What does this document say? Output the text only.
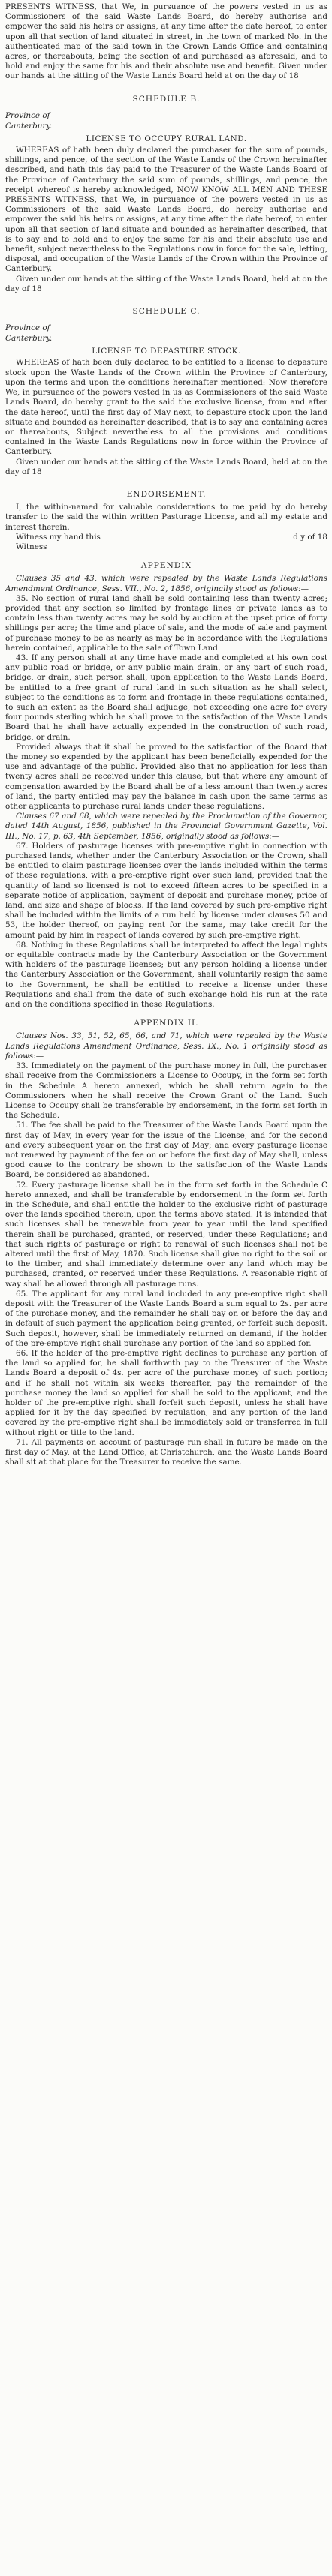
PRESENTS WITNESS, that We, in pursuance of the powers vested in us as Commissioners of the said Waste Lands Board, do hereby authorise and empower the said his heirs or assigns, at any time after the date hereof, to enter upon all that section of land situated in street, in the town of marked No. in the authenticated map of the said town in the Crown Lands Office and containing acres, or thereabouts, being the section of and purchased as aforesaid, and to hold and enjoy the same for his and their absolute use and benefit. Given under our hands at the sitting of the Waste Lands Board held at on the day of 18

SCHEDULE B.

Province of Canterbury.

LICENSE TO OCCUPY RURAL LAND.

WHEREAS of hath been duly declared the purchaser for the sum of pounds, shillings, and pence, of the section of the Waste Lands of the Crown hereinafter described, and hath this day paid to the Treasurer of the Waste Lands Board of the Province of Canterbury the said sum of pounds, shillings, and pence, the receipt whereof is hereby acknowledged, NOW KNOW ALL MEN AND THESE PRESENTS WITNESS, that We, in pursuance of the powers vested in us as Commissioners of the said Waste Lands Board, do hereby authorise and empower the said his heirs or assigns, at any time after the date hereof, to enter upon all that section of land situate and bounded as hereinafter described, that is to say and to hold and to enjoy the same for his and their absolute use and benefit, subject nevertheless to the Regulations now in force for the sale, letting, disposal, and occupation of the Waste Lands of the Crown within the Province of Canterbury.

Given under our hands at the sitting of the Waste Lands Board, held at on the day of 18

SCHEDULE C.

Province of Canterbury.

LICENSE TO DEPASTURE STOCK.

WHEREAS of hath been duly declared to be entitled to a license to depasture stock upon the Waste Lands of the Crown within the Province of Canterbury, upon the terms and upon the conditions hereinafter mentioned: Now therefore We, in pursuance of the powers vested in us as Commissioners of the said Waste Lands Board, do hereby grant to the said the exclusive license, from and after the date hereof, until the first day of May next, to depasture stock upon the land situate and bounded as hereinafter described, that is to say and containing acres or thereabouts, Subject nevertheless to all the provisions and conditions contained in the Waste Lands Regulations now in force within the Province of Canterbury.

Given under our hands at the sitting of the Waste Lands Board, held at on the day of 18

ENDORSEMENT.

I, the within-named for valuable considerations to me paid by do hereby transfer to the said the within written Pasturage License, and all my estate and interest therein.

Witness my hand this	d y of 18

Witness

APPENDIX

Clauses 35 and 43, which were repealed by the Waste Lands Regulations Amendment Ordinance, Sess. VII., No. 2, 1856, originally stood as follows:—

35. No section of rural land shall be sold containing less than twenty acres; provided that any section so limited by frontage lines or private lands as to contain less than twenty acres may be sold by auction at the upset price of forty shillings per acre; the time and place of sale, and the mode of sale and payment of purchase money to be as nearly as may be in accordance with the Regulations herein contained, applicable to the sale of Town Land.

43. If any person shall at any time have made and completed at his own cost any public road or bridge, or any public main drain, or any part of such road, bridge, or drain, such person shall, upon application to the Waste Lands Board, be entitled to a free grant of rural land in such situation as he shall select, subject to the conditions as to form and frontage in these regulations contained, to such an extent as the Board shall adjudge, not exceeding one acre for every four pounds sterling which he shall prove to the satisfaction of the Waste Lands Board that he shall have actually expended in the construction of such road, bridge, or drain.

Provided always that it shall be proved to the satisfaction of the Board that the money so expended by the applicant has been beneficially expended for the use and advantage of the public. Provided also that no application for less than twenty acres shall be received under this clause, but that where any amount of compensation awarded by the Board shall be of a less amount than twenty acres of land, the party entitled may pay the balance in cash upon the same terms as other applicants to purchase rural lands under these regulations.

Clauses 67 and 68, which were repealed by the Proclamation of the Governor, dated 14th August, 1856, published in the Provincial Government Gazette, Vol. III., No. 17, p. 63, 4th September, 1856, originally stood as follows:—

67. Holders of pasturage licenses with pre-emptive right in connection with purchased lands, whether under the Canterbury Association or the Crown, shall be entitled to claim pasturage licenses over the lands included within the terms of these regulations, with a pre-emptive right over such land, provided that the quantity of land so licensed is not to exceed fifteen acres to be specified in a separate notice of application, payment of deposit and purchase money, price of land, and size and shape of blocks. If the land covered by such pre-emptive right shall be included within the limits of a run held by license under clauses 50 and 53, the holder thereof, on paying rent for the same, may take credit for the amount paid by him in respect of lands covered by such pre-emptive right.

68. Nothing in these Regulations shall be interpreted to affect the legal rights or equitable contracts made by the Canterbury Association or the Government with holders of the pasturage licenses; but any person holding a license under the Canterbury Association or the Government, shall voluntarily resign the same to the Government, he shall be entitled to receive a license under these Regulations and shall from the date of such exchange hold his run at the rate and on the conditions specified in these Regulations.

APPENDIX II.

Clauses Nos. 33, 51, 52, 65, 66, and 71, which were repealed by the Waste Lands Regulations Amendment Ordinance, Sess. IX., No. 1 originally stood as follows:—

33. Immediately on the payment of the purchase money in full, the purchaser shall receive from the Commissioners a License to Occupy, in the form set forth in the Schedule A hereto annexed, which he shall return again to the Commissioners when he shall receive the Crown Grant of the Land. Such License to Occupy shall be transferable by endorsement, in the form set forth in the Schedule.

51. The fee shall be paid to the Treasurer of the Waste Lands Board upon the first day of May, in every year for the issue of the License, and for the second and every subsequent year on the first day of May; and every pasturage license not renewed by payment of the fee on or before the first day of May shall, unless good cause to the contrary be shown to the satisfaction of the Waste Lands Board, be considered as abandoned.

52. Every pasturage license shall be in the form set forth in the Schedule C hereto annexed, and shall be transferable by endorsement in the form set forth in the Schedule, and shall entitle the holder to the exclusive right of pasturage over the lands specified therein, upon the terms above stated. It is intended that such licenses shall be renewable from year to year until the land specified therein shall be purchased, granted, or reserved, under these Regulations; and that such rights of pasturage or right to renewal of such licenses shall not be altered until the first of May, 1870. Such license shall give no right to the soil or to the timber, and shall immediately determine over any land which may be purchased, granted, or reserved under these Regulations. A reasonable right of way shall be allowed through all pasturage runs.

65. The applicant for any rural land included in any pre-emptive right shall deposit with the Treasurer of the Waste Lands Board a sum equal to 2s. per acre of the purchase money, and the remainder he shall pay on or before the day and in default of such payment the application being granted, or forfeit such deposit. Such deposit, however, shall be immediately returned on demand, if the holder of the pre-emptive right shall purchase any portion of the land so applied for.

66. If the holder of the pre-emptive right declines to purchase any portion of the land so applied for, he shall forthwith pay to the Treasurer of the Waste Lands Board a deposit of 4s. per acre of the purchase money of such portion; and if he shall not within six weeks thereafter, pay the remainder of the purchase money the land so applied for shall be sold to the applicant, and the holder of the pre-emptive right shall forfeit such deposit, unless he shall have applied for it by the day specified by regulation, and any portion of the land covered by the pre-emptive right shall be immediately sold or transferred in full without right or title to the land.

71. All payments on account of pasturage run shall in future be made on the first day of May, at the Land Office, at Christchurch, and the Waste Lands Board shall sit at that place for the Treasurer to receive the same.
